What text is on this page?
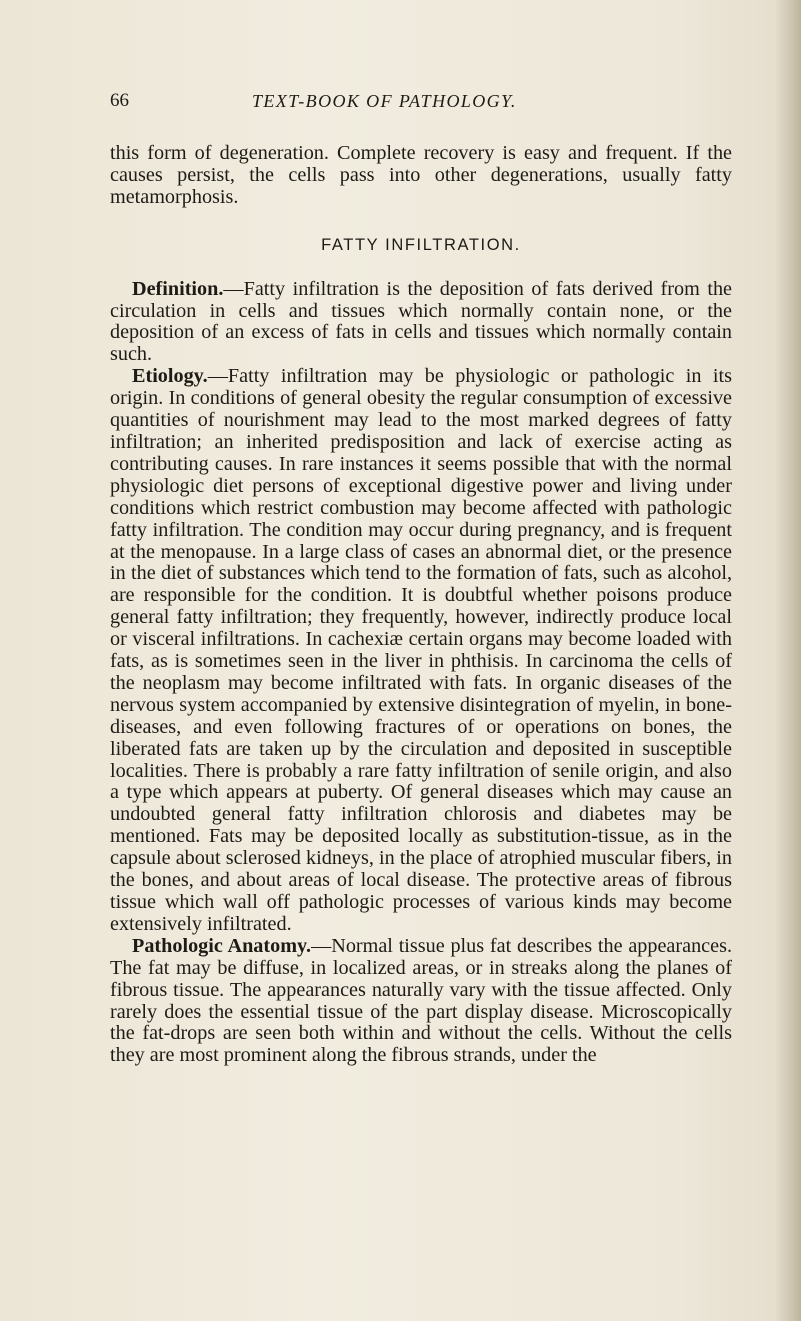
66	TEXT-BOOK OF PATHOLOGY.

this form of degeneration. Complete recovery is easy and frequent. If the causes persist, the cells pass into other degenerations, usually fatty metamorphosis.

FATTY INFILTRATION.

Definition.—Fatty infiltration is the deposition of fats derived from the circulation in cells and tissues which normally contain none, or the deposition of an excess of fats in cells and tissues which normally contain such.

Etiology.—Fatty infiltration may be physiologic or pathologic in its origin. In conditions of general obesity the regular consumption of excessive quantities of nourishment may lead to the most marked degrees of fatty infiltration; an inherited predisposition and lack of exercise acting as contributing causes. In rare instances it seems possible that with the normal physiologic diet persons of exceptional digestive power and living under conditions which restrict combustion may become affected with pathologic fatty infiltration. The condition may occur during pregnancy, and is frequent at the menopause. In a large class of cases an abnormal diet, or the presence in the diet of substances which tend to the formation of fats, such as alcohol, are responsible for the condition. It is doubtful whether poisons produce general fatty infiltration; they frequently, however, indirectly produce local or visceral infiltrations. In cachexiæ certain organs may become loaded with fats, as is sometimes seen in the liver in phthisis. In carcinoma the cells of the neoplasm may become infiltrated with fats. In organic diseases of the nervous system accompanied by extensive disintegration of myelin, in bone-diseases, and even following fractures of or operations on bones, the liberated fats are taken up by the circulation and deposited in susceptible localities. There is probably a rare fatty infiltration of senile origin, and also a type which appears at puberty. Of general diseases which may cause an undoubted general fatty infiltration chlorosis and diabetes may be mentioned. Fats may be deposited locally as substitution-tissue, as in the capsule about sclerosed kidneys, in the place of atrophied muscular fibers, in the bones, and about areas of local disease. The protective areas of fibrous tissue which wall off pathologic processes of various kinds may become extensively infiltrated.

Pathologic Anatomy.—Normal tissue plus fat describes the appearances. The fat may be diffuse, in localized areas, or in streaks along the planes of fibrous tissue. The appearances naturally vary with the tissue affected. Only rarely does the essential tissue of the part display disease. Microscopically the fat-drops are seen both within and without the cells. Without the cells they are most prominent along the fibrous strands, under the
